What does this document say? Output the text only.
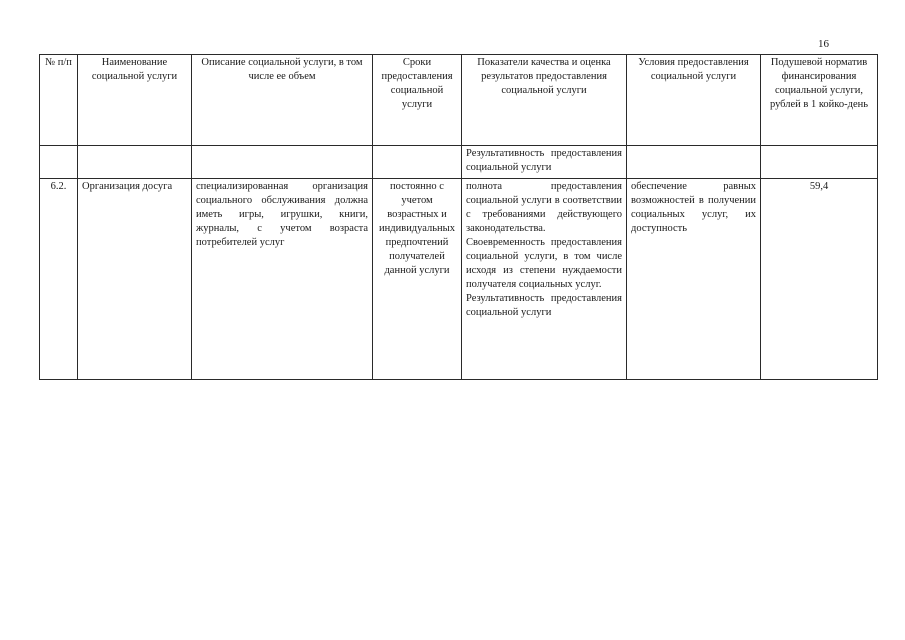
16
№ п/п	Наименование социальной услуги	Описание социальной услуги, в том числе ее объем	Сроки предоставления социальной услуги	Показатели качества и оценка результатов предоставления социальной услуги	Условия предоставления социальной услуги	Подушевой норматив финансирования социальной услуги, рублей в 1 койко-день
				Результативность предоставления социальной услуги		
6.2.	Организация досуга	специализированная организация социального обслуживания должна иметь игры, игрушки, книги, журналы, с учетом возраста потребителей услуг	постоянно с учетом возрастных и индивидуальных предпочтений получателей данной услуги	полнота предоставления социальной услуги в соответствии с требованиями действующего законодательства.
Своевременность предоставления социальной услуги, в том числе исходя из степени нуждаемости получателя социальных услуг.
Результативность предоставления социальной услуги	обеспечение равных возможностей в получении социальных услуг, их доступность	59,4
